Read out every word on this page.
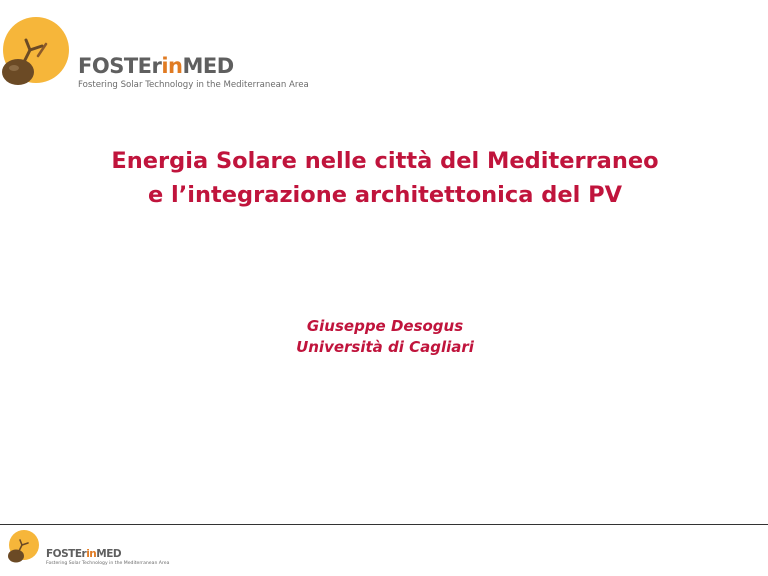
FOSTErinMED
Fostering Solar Technology in the Mediterranean Area
Energia Solare nelle città del Mediterraneo
e l’integrazione architettonica del PV
Giuseppe Desogus
Università di Cagliari
FOSTErinMED
Fostering Solar Technology in the Mediterranean Area
